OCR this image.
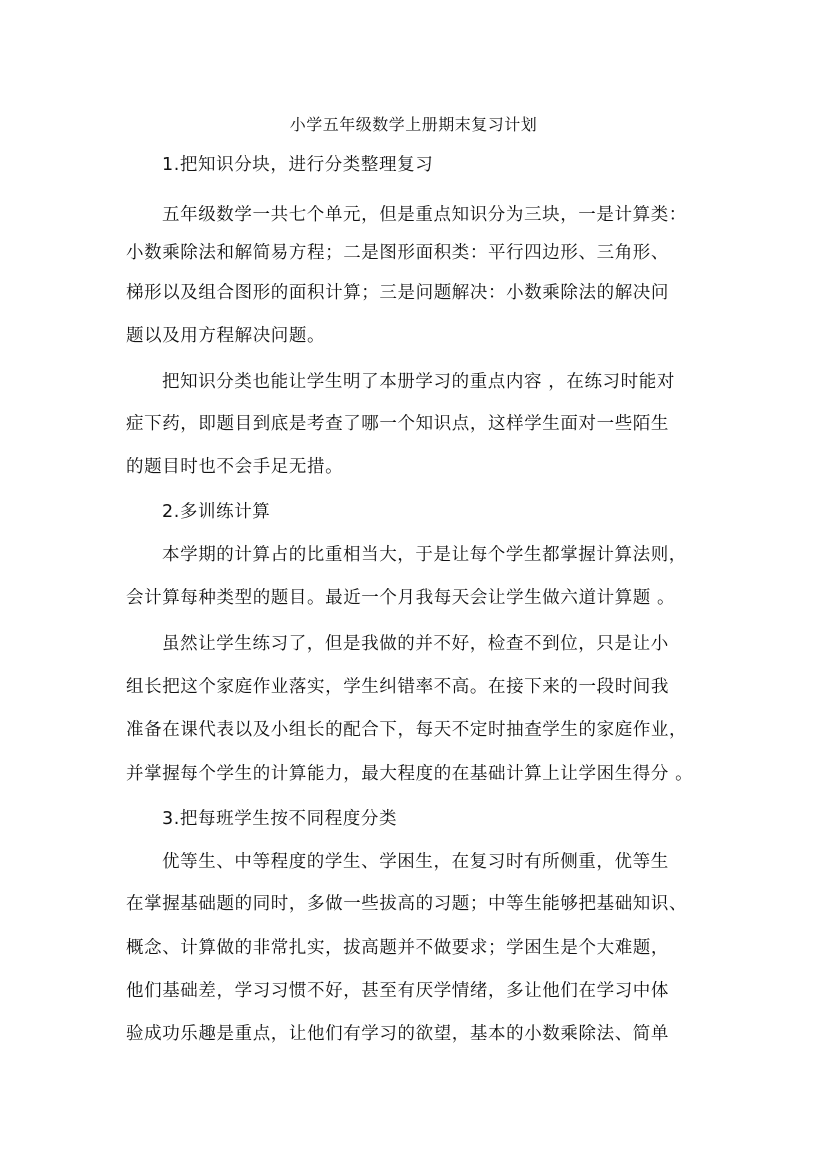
小学五年级数学上册期末复习计划
1.把知识分块，进行分类整理复习
五年级数学一共七个单元，但是重点知识分为三块，一是计算类：
小数乘除法和解简易方程；二是图形面积类：平行四边形、三角形、
梯形以及组合图形的面积计算；三是问题解决：小数乘除法的解决问
题以及用方程解决问题。
把知识分类也能让学生明了本册学习的重点内容 ，在练习时能对
症下药，即题目到底是考查了哪一个知识点，这样学生面对一些陌生
的题目时也不会手足无措。
2.多训练计算
本学期的计算占的比重相当大，于是让每个学生都掌握计算法则，
会计算每种类型的题目。最近一个月我每天会让学生做六道计算题 。
虽然让学生练习了，但是我做的并不好，检查不到位，只是让小
组长把这个家庭作业落实，学生纠错率不高。在接下来的一段时间我
准备在课代表以及小组长的配合下，每天不定时抽查学生的家庭作业，
并掌握每个学生的计算能力，最大程度的在基础计算上让学困生得分 。
3.把每班学生按不同程度分类
优等生、中等程度的学生、学困生，在复习时有所侧重，优等生
在掌握基础题的同时，多做一些拔高的习题；中等生能够把基础知识、
概念、计算做的非常扎实，拔高题并不做要求；学困生是个大难题，
他们基础差，学习习惯不好，甚至有厌学情绪，多让他们在学习中体
验成功乐趣是重点，让他们有学习的欲望，基本的小数乘除法、简单
